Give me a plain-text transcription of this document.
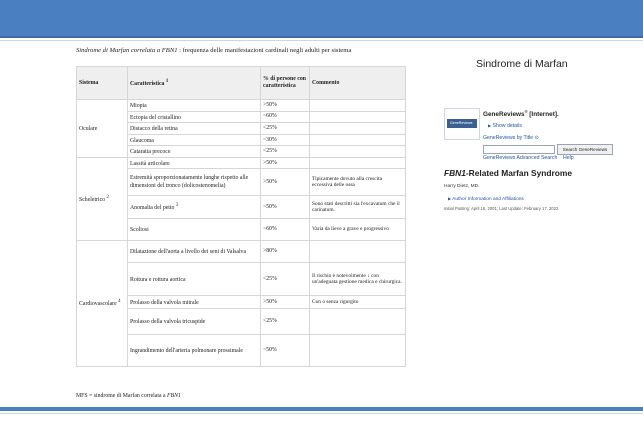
Sindrome di Marfan correlata a FBN1 : frequenza delle manifestazioni cardinali negli adulti per sistema
Sistema	Caratteristica $^1$	% di persone con caratteristica	Commento
Oculare	Miopia	>50%	
	Ectopia del cristallino	~60%	
	Distacco della retina	<25%	
	Glaucoma	~30%	
	Cataratta precoce	<25%	
Scheletrico $^2$	Lassità articolare	>50%	
	Estremità sproporzionatamente lunghe rispetto alle dimensioni del tronco (dolicostenomelia)	>50%	Tipicamente dovuto alla crescita eccessiva delle ossa
	Anomalia del petto $^3$	~50%	Sono stati descritti sia l'excavatum che il carinatum.
	Scoliosi	~60%	Varia da lieve a grave e progressivo
Cardiovascolare $^4$	Dilatazione dell'aorta a livello dei seni di Valsalva	>80%	
	Rottura e rottura aortica	<25%	Il rischio è notevolmente ↓ con un'adeguata gestione medica e chirurgica.
	Prolasso della valvola mitrale	>50%	Con o senza rigurgito
	Prolasso della valvola tricuspide	<25%	
	Ingrandimento dell'arteria polmonare prossimale	~50%	
MFS = sindrome di Marfan correlata a FBN1
Sindrome di Marfan
GeneReviews
GeneReviews® [Internet].
▶ Show details
GeneReviews by Title ⊙
Search GeneReviews
GeneReviews Advanced Search Help
FBN1-Related Marfan Syndrome
Harry Dietz, MD.
▶ Author Information and Affiliations
Initial Posting: April 18, 2001; Last Update: February 17, 2022.
